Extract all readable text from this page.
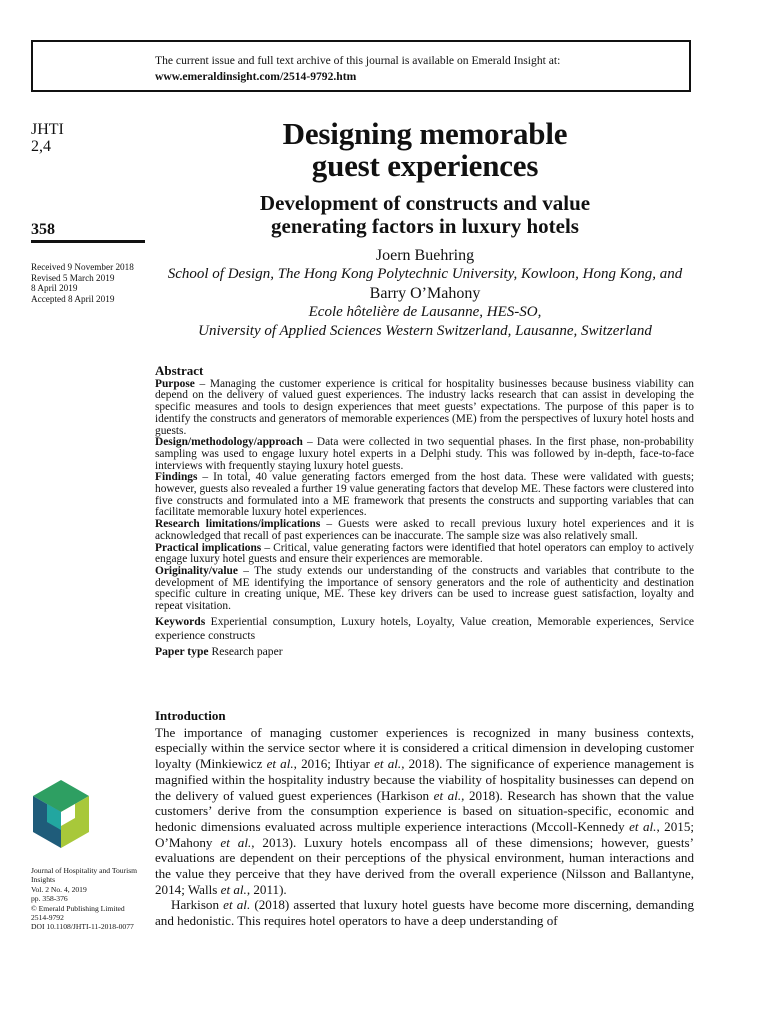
The current issue and full text archive of this journal is available on Emerald Insight at:
www.emeraldinsight.com/2514-9792.htm
JHTI
2,4
358
Received 9 November 2018
Revised 5 March 2019
8 April 2019
Accepted 8 April 2019
Designing memorable
guest experiences
Development of constructs and value
generating factors in luxury hotels
Joern Buehring
School of Design, The Hong Kong Polytechnic University, Kowloon, Hong Kong, and
Barry O’Mahony
Ecole hôtelière de Lausanne, HES-SO,
University of Applied Sciences Western Switzerland, Lausanne, Switzerland
Abstract

Purpose – Managing the customer experience is critical for hospitality businesses because business viability can depend on the delivery of valued guest experiences. The industry lacks research that can assist in developing the specific measures and tools to design experiences that meet guests’ expectations. The purpose of this paper is to identify the constructs and generators of memorable experiences (ME) from the perspectives of luxury hotel hosts and guests.

Design/methodology/approach – Data were collected in two sequential phases. In the first phase, non-probability sampling was used to engage luxury hotel experts in a Delphi study. This was followed by in-depth, face-to-face interviews with frequently staying luxury hotel guests.

Findings – In total, 40 value generating factors emerged from the host data. These were validated with guests; however, guests also revealed a further 19 value generating factors that develop ME. These factors were clustered into five constructs and formulated into a ME framework that presents the constructs and supporting variables that can facilitate memorable luxury hotel experiences.

Research limitations/implications – Guests were asked to recall previous luxury hotel experiences and it is acknowledged that recall of past experiences can be inaccurate. The sample size was also relatively small.

Practical implications – Critical, value generating factors were identified that hotel operators can employ to actively engage luxury hotel guests and ensure their experiences are memorable.

Originality/value – The study extends our understanding of the constructs and variables that contribute to the development of ME identifying the importance of sensory generators and the role of authenticity and destination specific culture in creating unique, ME. These key drivers can be used to increase guest satisfaction, loyalty and repeat visitation.

Keywords Experiential consumption, Luxury hotels, Loyalty, Value creation, Memorable experiences, Service experience constructs

Paper type Research paper

Introduction

The importance of managing customer experiences is recognized in many business contexts, especially within the service sector where it is considered a critical dimension in developing customer loyalty (Minkiewicz et al., 2016; Ihtiyar et al., 2018). The significance of experience management is magnified within the hospitality industry because the viability of hospitality businesses can depend on the delivery of valued guest experiences (Harkison et al., 2018). Research has shown that the value customers’ derive from the consumption experience is based on situation-specific, economic and hedonic dimensions evaluated across multiple experience interactions (Mccoll-Kennedy et al., 2015; O’Mahony et al., 2013). Luxury hotels encompass all of these dimensions; however, guests’ evaluations are dependent on their perceptions of the physical environment, human interactions and the value they perceive that they have derived from the overall experience (Nilsson and Ballantyne, 2014; Walls et al., 2011).

Harkison et al. (2018) asserted that luxury hotel guests have become more discerning, demanding and hedonistic. This requires hotel operators to have a deep understanding of

Journal of Hospitality and Tourism Insights
Vol. 2 No. 4, 2019
pp. 358-376
© Emerald Publishing Limited
2514-9792
DOI 10.1108/JHTI-11-2018-0077
